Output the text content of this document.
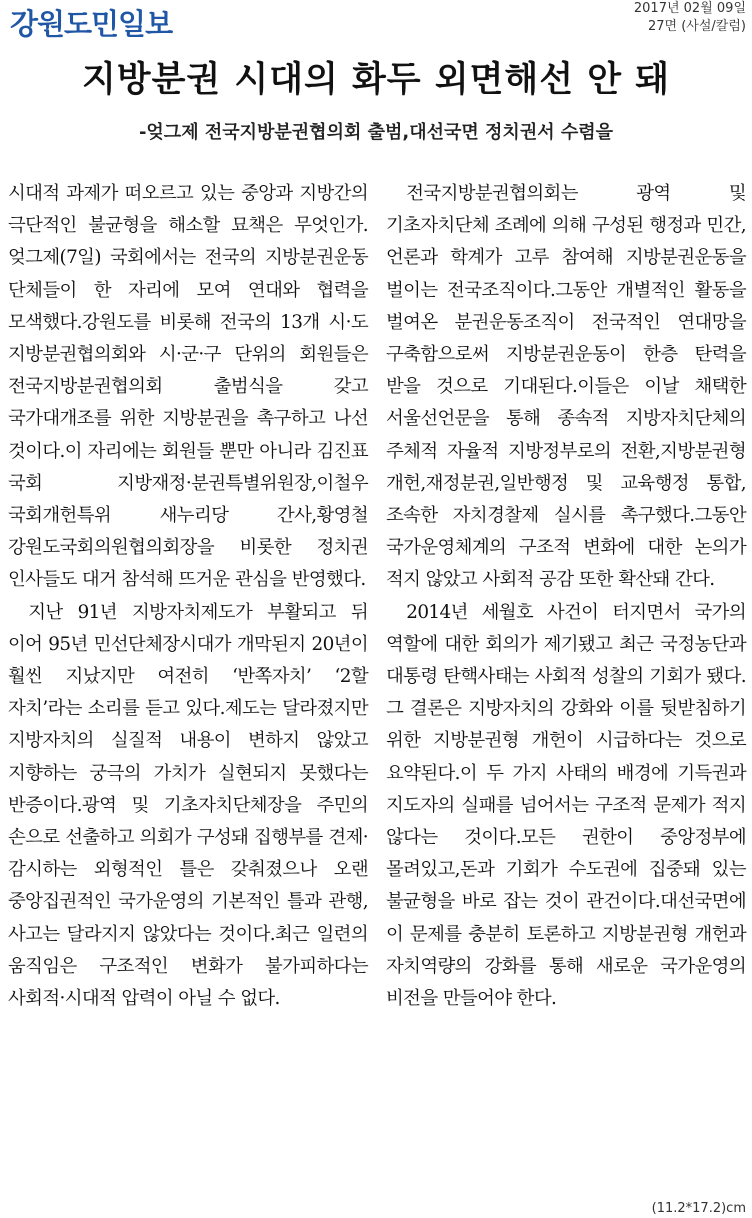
강원도민일보	2017년 02월 09일
27면 (사설/칼럼)
지방분권 시대의 화두 외면해선 안 돼
-엊그제 전국지방분권협의회 출범,대선국면 정치권서 수렴을

시대적 과제가 떠오르고 있는 중앙과 지방간의 극단적인 불균형을 해소할 묘책은 무엇인가.엊그제(7일) 국회에서는 전국의 지방분권운동 단체들이 한 자리에 모여 연대와 협력을 모색했다.강원도를 비롯해 전국의 13개 시·도 지방분권협의회와 시·군·구 단위의 회원들은 전국지방분권협의회 출범식을 갖고 국가대개조를 위한 지방분권을 촉구하고 나선 것이다.이 자리에는 회원들 뿐만 아니라 김진표 국회 지방재정·분권특별위원장,이철우 국회개헌특위 새누리당 간사,황영철 강원도국회의원협의회장을 비롯한 정치권 인사들도 대거 참석해 뜨거운 관심을 반영했다.

지난 91년 지방자치제도가 부활되고 뒤 이어 95년 민선단체장시대가 개막된지 20년이 훨씬 지났지만 여전히 ‘반쪽자치’ ‘2할 자치’라는 소리를 듣고 있다.제도는 달라졌지만 지방자치의 실질적 내용이 변하지 않았고 지향하는 궁극의 가치가 실현되지 못했다는 반증이다.광역 및 기초자치단체장을 주민의 손으로 선출하고 의회가 구성돼 집행부를 견제·감시하는 외형적인 틀은 갖춰졌으나 오랜 중앙집권적인 국가운영의 기본적인 틀과 관행,사고는 달라지지 않았다는 것이다.최근 일련의 움직임은 구조적인 변화가 불가피하다는 사회적·시대적 압력이 아닐 수 없다.

전국지방분권협의회는 광역 및 기초자치단체 조례에 의해 구성된 행정과 민간,언론과 학계가 고루 참여해 지방분권운동을 벌이는 전국조직이다.그동안 개별적인 활동을 벌여온 분권운동조직이 전국적인 연대망을 구축함으로써 지방분권운동이 한층 탄력을 받을 것으로 기대된다.이들은 이날 채택한 서울선언문을 통해 종속적 지방자치단체의 주체적 자율적 지방정부로의 전환,지방분권형 개헌,재정분권,일반행정 및 교육행정 통합,조속한 자치경찰제 실시를 촉구했다.그동안 국가운영체계의 구조적 변화에 대한 논의가 적지 않았고 사회적 공감 또한 확산돼 간다.

2014년 세월호 사건이 터지면서 국가의 역할에 대한 회의가 제기됐고 최근 국정농단과 대통령 탄핵사태는 사회적 성찰의 기회가 됐다.그 결론은 지방자치의 강화와 이를 뒷받침하기 위한 지방분권형 개헌이 시급하다는 것으로 요약된다.이 두 가지 사태의 배경에 기득권과 지도자의 실패를 넘어서는 구조적 문제가 적지 않다는 것이다.모든 권한이 중앙정부에 몰려있고,돈과 기회가 수도권에 집중돼 있는 불균형을 바로 잡는 것이 관건이다.대선국면에 이 문제를 충분히 토론하고 지방분권형 개헌과 자치역량의 강화를 통해 새로운 국가운영의 비전을 만들어야 한다.

(11.2*17.2)cm
